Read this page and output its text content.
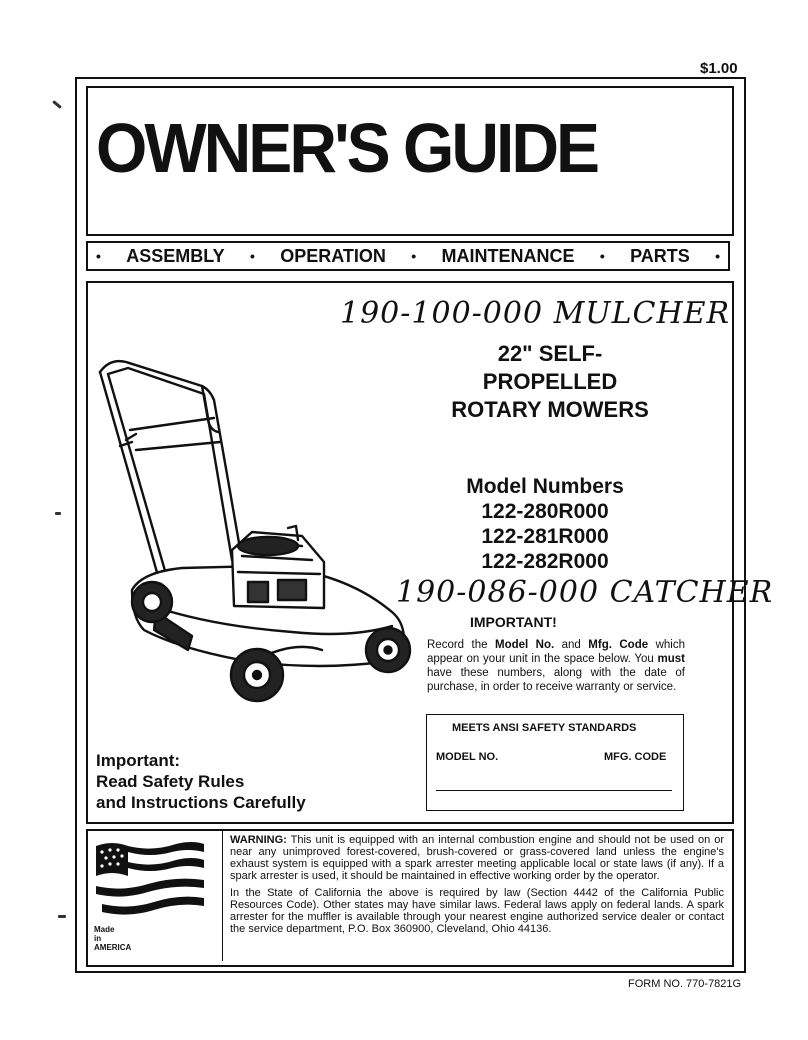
$1.00
OWNER'S GUIDE
• ASSEMBLY • OPERATION • MAINTENANCE • PARTS •
190-100-000 MULCHER
190-086-000 CATCHER
22" SELF-
PROPELLED
ROTARY MOWERS
Model Numbers
122-280R000
122-281R000
122-282R000
IMPORTANT!
Record the Model No. and Mfg. Code which appear on your unit in the space below. You must have these numbers, along with the date of purchase, in order to receive warranty or service.
MEETS ANSI SAFETY STANDARDS
MODEL NO.	MFG. CODE
Important:
Read Safety Rules
and Instructions Carefully
Made
in
AMERICA

WARNING: This unit is equipped with an internal combustion engine and should not be used on or near any unimproved forest-covered, brush-covered or grass-covered land unless the engine's exhaust system is equipped with a spark arrester meeting applicable local or state laws (if any). If a spark arrester is used, it should be maintained in effective working order by the operator.

In the State of California the above is required by law (Section 4442 of the California Public Resources Code). Other states may have similar laws. Federal laws apply on federal lands. A spark arrester for the muffler is available through your nearest engine authorized service dealer or contact the service department, P.O. Box 360900, Cleveland, Ohio 44136.

FORM NO. 770-7821G
